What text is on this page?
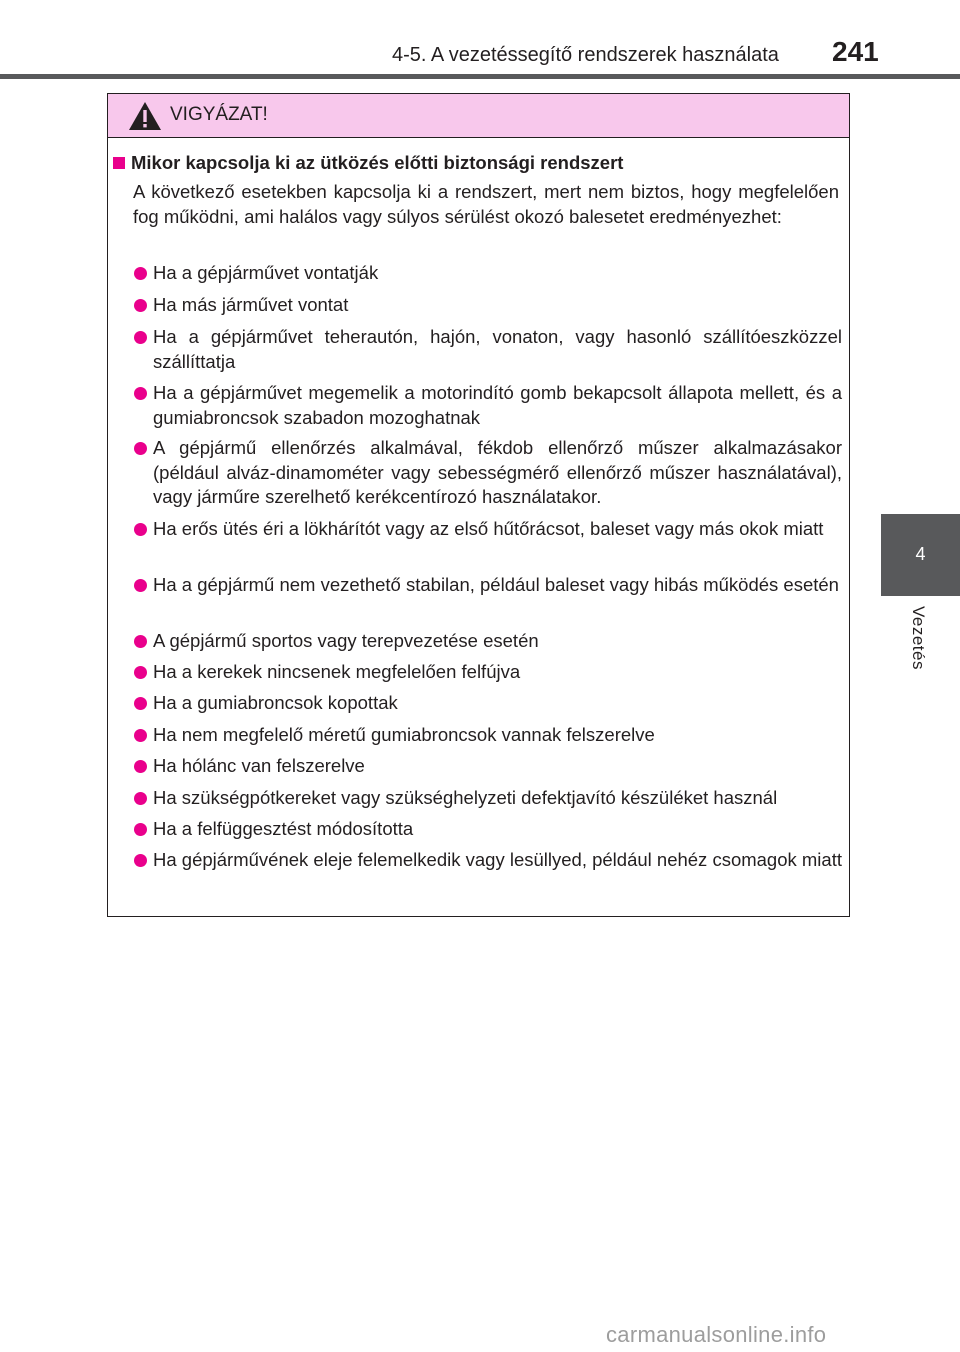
4-5. A vezetéssegítő rendszerek használata 241
4
Vezetés
VIGYÁZAT!
Mikor kapcsolja ki az ütközés előtti biztonsági rendszert
A következő esetekben kapcsolja ki a rendszert, mert nem biztos, hogy megfelelően fog működni, ami halálos vagy súlyos sérülést okozó balesetet eredményezhet:
Ha a gépjárművet vontatják
Ha más járművet vontat
Ha a gépjárművet teherautón, hajón, vonaton, vagy hasonló szállítóeszközzel szállíttatja
Ha a gépjárművet megemelik a motorindító gomb bekapcsolt állapota mellett, és a gumiabroncsok szabadon mozoghatnak
A gépjármű ellenőrzés alkalmával, fékdob ellenőrző műszer alkalmazásakor (például alváz-dinamométer vagy sebességmérő ellenőrző műszer használatával), vagy járműre szerelhető kerékcentírozó használatakor.
Ha erős ütés éri a lökhárítót vagy az első hűtőrácsot, baleset vagy más okok miatt
Ha a gépjármű nem vezethető stabilan, például baleset vagy hibás működés esetén
A gépjármű sportos vagy terepvezetése esetén
Ha a kerekek nincsenek megfelelően felfújva
Ha a gumiabroncsok kopottak
Ha nem megfelelő méretű gumiabroncsok vannak felszerelve
Ha hólánc van felszerelve
Ha szükségpótkereket vagy szükséghelyzeti defektjavító készüléket használ
Ha a felfüggesztést módosította
Ha gépjárművének eleje felemelkedik vagy lesüllyed, például nehéz csomagok miatt
carmanualsonline.info
